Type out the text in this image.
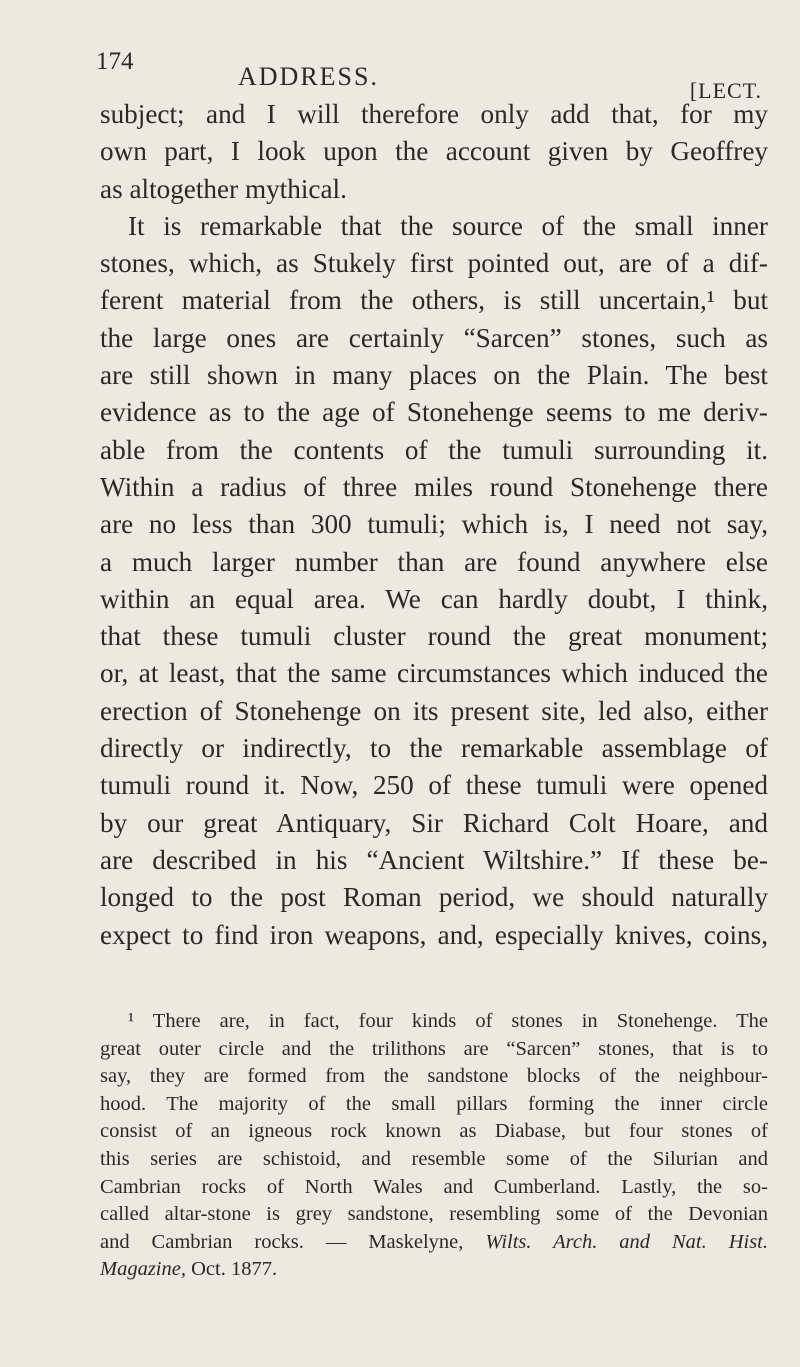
174
ADDRESS.	[LECT.
subject; and I will therefore only add that, for my
own part, I look upon the account given by Geoffrey
as altogether mythical.
It is remarkable that the source of the small inner
stones, which, as Stukely first pointed out, are of a dif-
ferent material from the others, is still uncertain,¹ but
the large ones are certainly “Sarcen” stones, such as
are still shown in many places on the Plain. The best
evidence as to the age of Stonehenge seems to me deriv-
able from the contents of the tumuli surrounding it.
Within a radius of three miles round Stonehenge there
are no less than 300 tumuli; which is, I need not say,
a much larger number than are found anywhere else
within an equal area. We can hardly doubt, I think,
that these tumuli cluster round the great monument;
or, at least, that the same circumstances which induced the
erection of Stonehenge on its present site, led also, either
directly or indirectly, to the remarkable assemblage of
tumuli round it. Now, 250 of these tumuli were opened
by our great Antiquary, Sir Richard Colt Hoare, and
are described in his “Ancient Wiltshire.” If these be-
longed to the post Roman period, we should naturally
expect to find iron weapons, and, especially knives, coins,
¹ There are, in fact, four kinds of stones in Stonehenge. The
great outer circle and the trilithons are “Sarcen” stones, that is to
say, they are formed from the sandstone blocks of the neighbour-
hood. The majority of the small pillars forming the inner circle
consist of an igneous rock known as Diabase, but four stones of
this series are schistoid, and resemble some of the Silurian and
Cambrian rocks of North Wales and Cumberland. Lastly, the so-
called altar-stone is grey sandstone, resembling some of the Devonian
and Cambrian rocks. — Maskelyne, Wilts. Arch. and Nat. Hist.
Magazine, Oct. 1877.
